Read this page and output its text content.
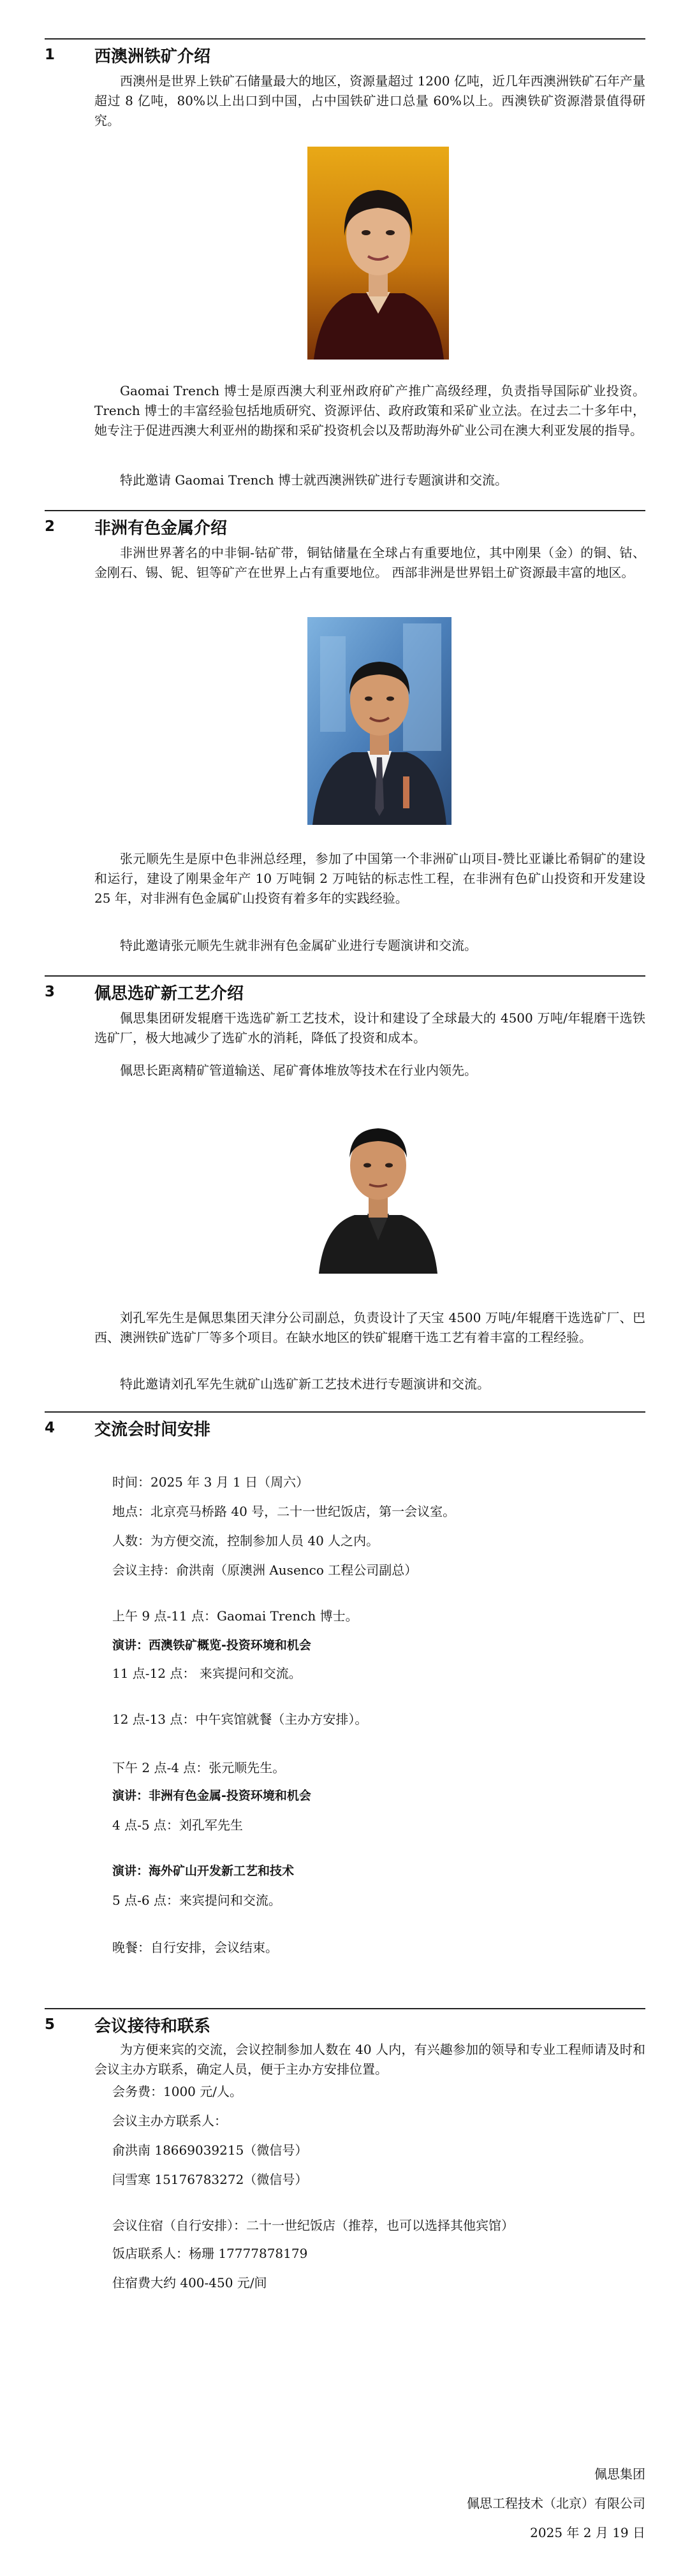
1	西澳洲铁矿介绍

西澳州是世界上铁矿石储量最大的地区，资源量超过 1200 亿吨，近几年西澳洲铁矿石年产量超过 8 亿吨，80%以上出口到中国，占中国铁矿进口总量 60%以上。西澳铁矿资源潜景值得研究。

Gaomai Trench 博士是原西澳大利亚州政府矿产推广高级经理，负责指导国际矿业投资。Trench 博士的丰富经验包括地质研究、资源评估、政府政策和采矿业立法。在过去二十多年中，她专注于促进西澳大利亚州的勘探和采矿投资机会以及帮助海外矿业公司在澳大利亚发展的指导。

特此邀请 Gaomai Trench 博士就西澳洲铁矿进行专题演讲和交流。

2	非洲有色金属介绍

非洲世界著名的中非铜-钴矿带，铜钴储量在全球占有重要地位，其中刚果（金）的铜、钴、金刚石、锡、铌、钽等矿产在世界上占有重要地位。 西部非洲是世界铝土矿资源最丰富的地区。

张元顺先生是原中色非洲总经理，参加了中国第一个非洲矿山项目-赞比亚谦比希铜矿的建设和运行，建设了刚果金年产 10 万吨铜 2 万吨钴的标志性工程，在非洲有色矿山投资和开发建设 25 年，对非洲有色金属矿山投资有着多年的实践经验。

特此邀请张元顺先生就非洲有色金属矿业进行专题演讲和交流。

3	佩思选矿新工艺介绍

佩思集团研发辊磨干选选矿新工艺技术，设计和建设了全球最大的 4500 万吨/年辊磨干选铁选矿厂，极大地减少了选矿水的消耗，降低了投资和成本。

佩思长距离精矿管道输送、尾矿膏体堆放等技术在行业内领先。

刘孔军先生是佩思集团天津分公司副总，负责设计了天宝 4500 万吨/年辊磨干选选矿厂、巴西、澳洲铁矿选矿厂等多个项目。在缺水地区的铁矿辊磨干选工艺有着丰富的工程经验。

特此邀请刘孔军先生就矿山选矿新工艺技术进行专题演讲和交流。

4	交流会时间安排
时间：2025 年 3 月 1 日（周六）
地点：北京亮马桥路 40 号，二十一世纪饭店，第一会议室。
人数：为方便交流，控制参加人员 40 人之内。
会议主持：俞洪南（原澳洲 Ausenco 工程公司副总）
上午 9 点-11 点：Gaomai Trench 博士。
演讲：西澳铁矿概览-投资环境和机会
11 点-12 点： 来宾提问和交流。
12 点-13 点：中午宾馆就餐（主办方安排）。
下午 2 点-4 点：张元顺先生。
演讲：非洲有色金属-投资环境和机会
4 点-5 点：刘孔军先生
演讲：海外矿山开发新工艺和技术
5 点-6 点：来宾提问和交流。
晚餐：自行安排，会议结束。
5	会议接待和联系

为方便来宾的交流，会议控制参加人数在 40 人内，有兴趣参加的领导和专业工程师请及时和会议主办方联系，确定人员，便于主办方安排位置。

会务费：1000 元/人。
会议主办方联系人：
俞洪南 18669039215（微信号）
闫雪寒 15176783272（微信号）
会议住宿（自行安排）：二十一世纪饭店（推荐，也可以选择其他宾馆）
饭店联系人：杨珊 17777878179
住宿费大约 400-450 元/间
佩思集团
佩思工程技术（北京）有限公司
2025 年 2 月 19 日
